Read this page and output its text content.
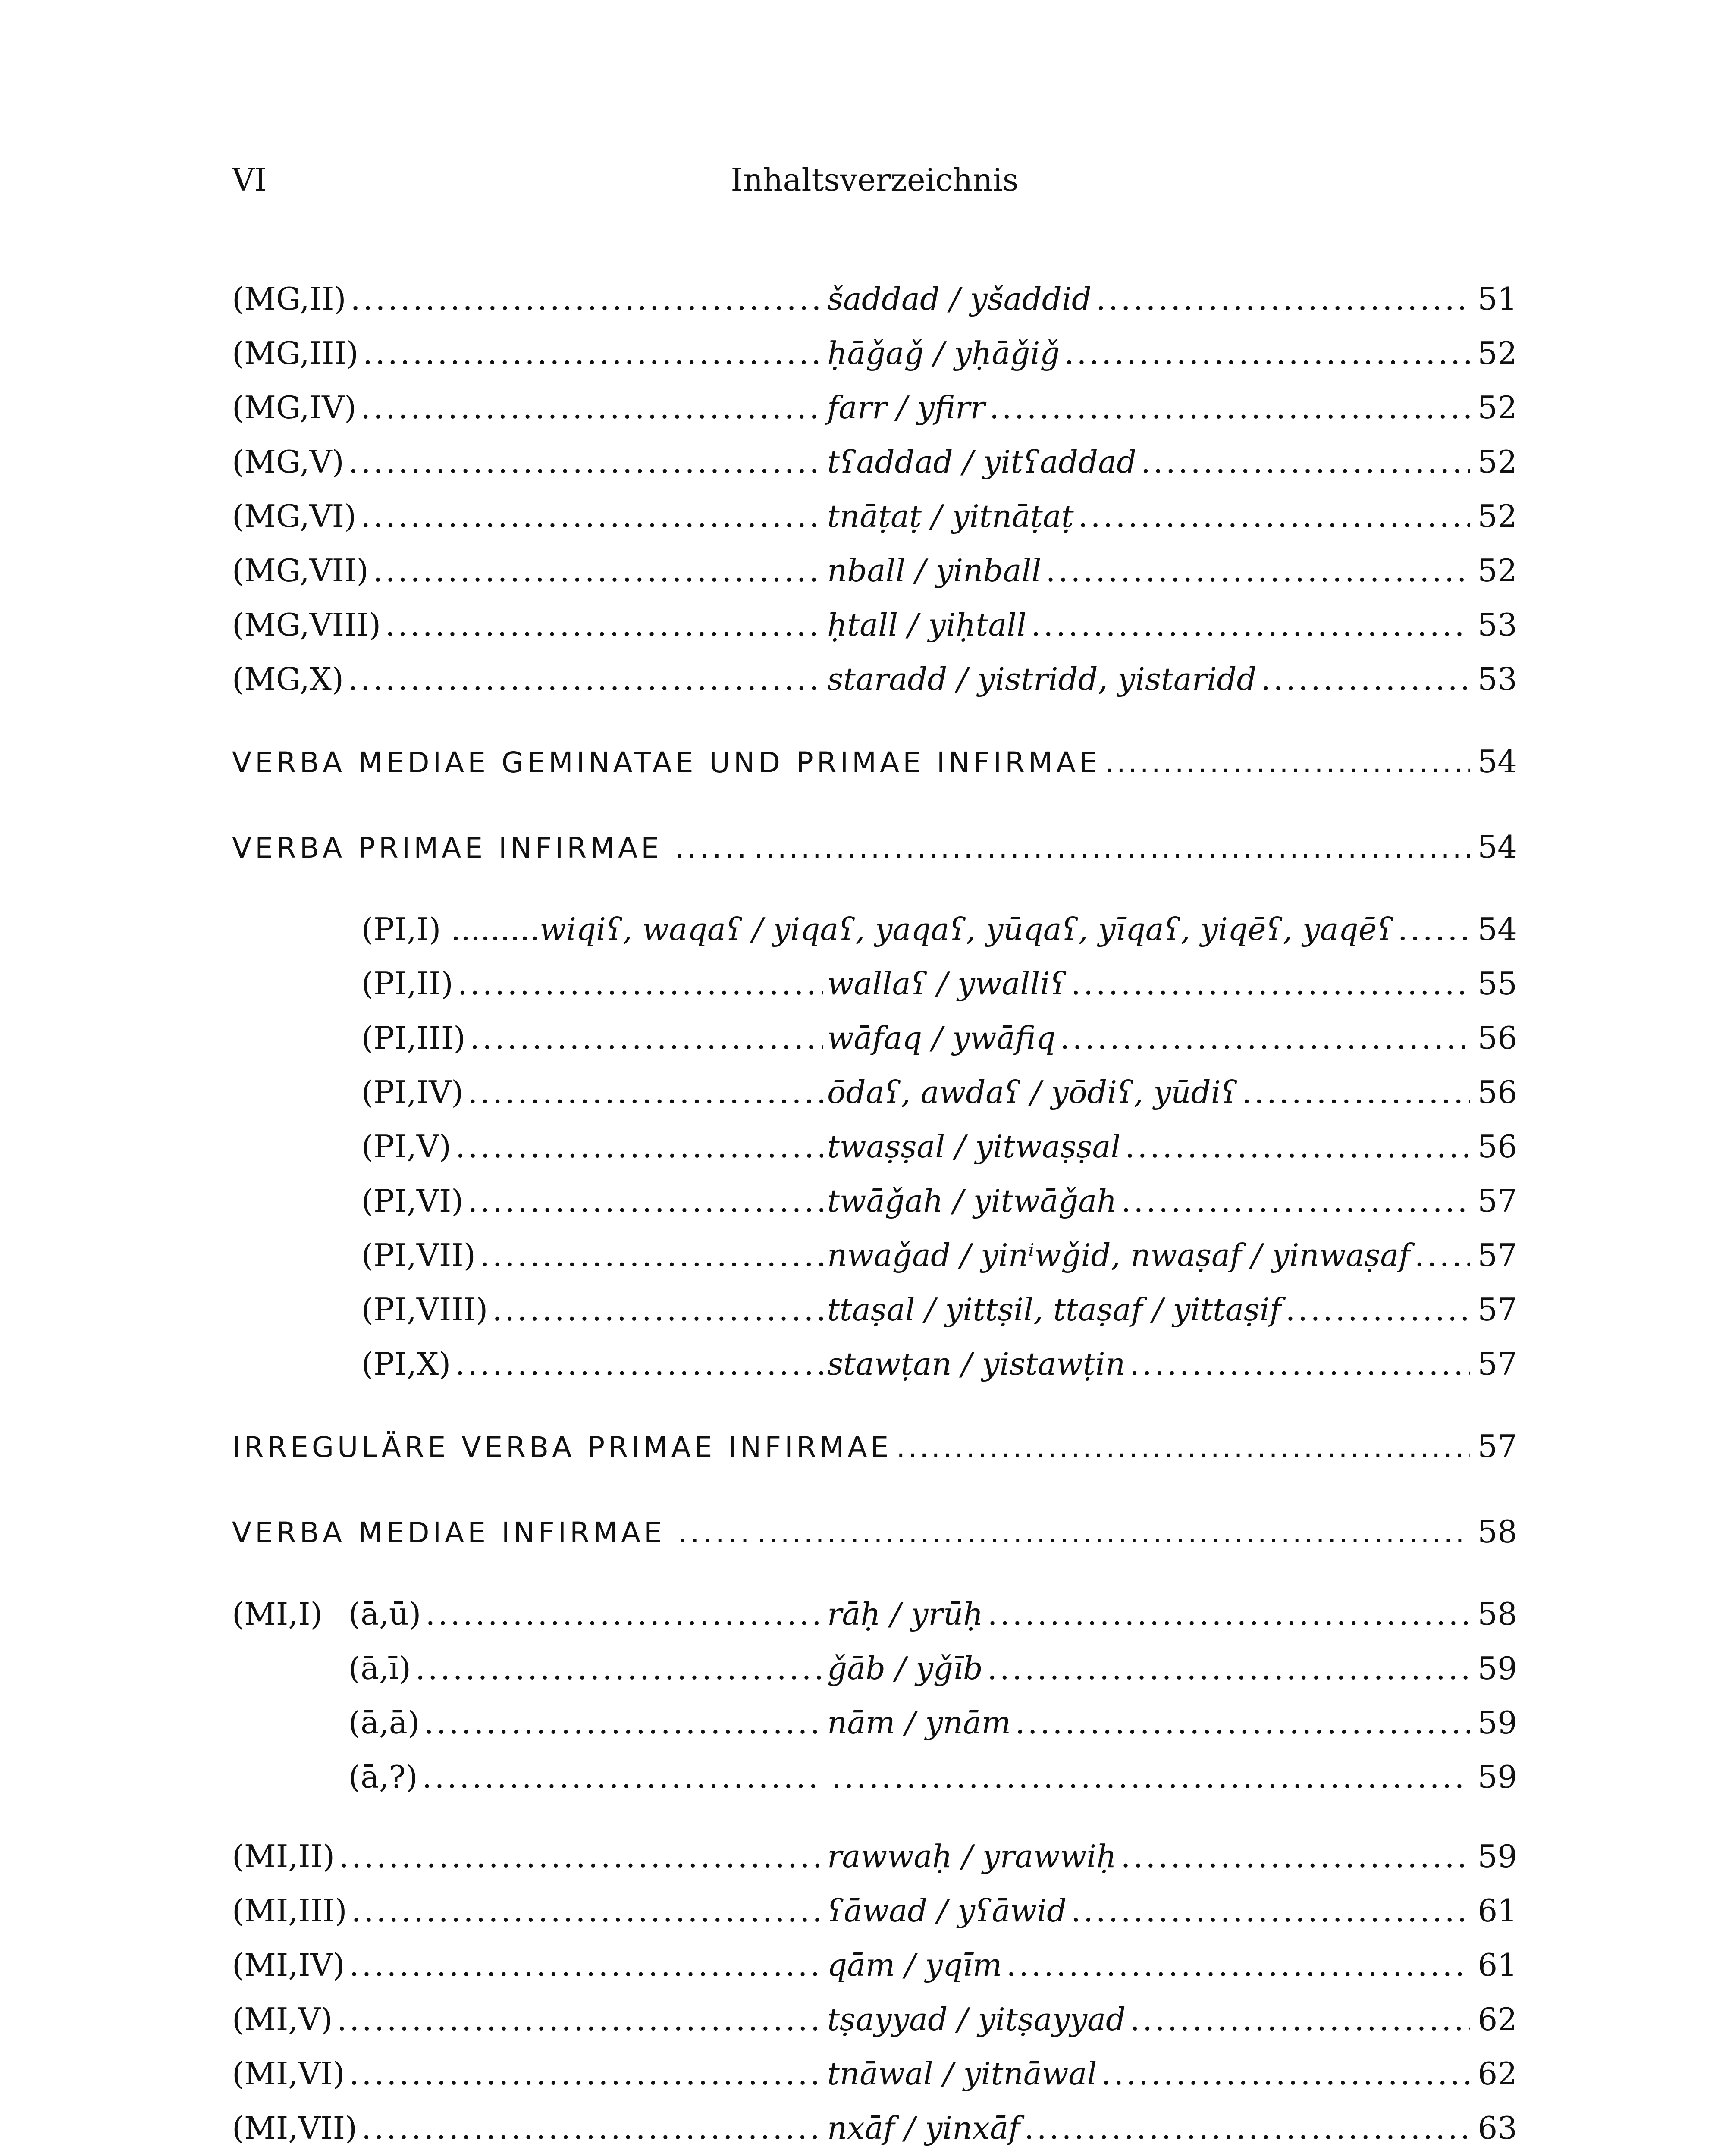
VI	Inhaltsverzeichnis
(MG,II) .....	šaddad / yšaddid .....	51
(MG,III) .....	ḥāǧaǧ / yḥāǧiǧ .....	52
(MG,IV) .....	farr / yfirr .....	52
(MG,V) .....	tʕaddad / yitʕaddad .....	52
(MG,VI) .....	tnāṭaṭ / yitnāṭaṭ .....	52
(MG,VII) .....	nball / yinball .....	52
(MG,VIII) .....	ḥtall / yiḥtall .....	53
(MG,X) .....	staradd / yistridd, yistaridd .....	53
VERBA MEDIAE GEMINATAE UND PRIMAE INFIRMAE .....	54
VERBA PRIMAE INFIRMAE ...... .....	54
(PI,I) ......... wiqiʕ, waqaʕ / yiqaʕ, yaqaʕ, yūqaʕ, yīqaʕ, yiqēʕ, yaqēʕ .....	54
(PI,II) .....	wallaʕ / ywalliʕ .....	55
(PI,III) .....	wāfaq / ywāfiq .....	56
(PI,IV) .....	ōdaʕ, awdaʕ / yōdiʕ, yūdiʕ .....	56
(PI,V) .....	twaṣṣal / yitwaṣṣal .....	56
(PI,VI) .....	twāǧah / yitwāǧah .....	57
(PI,VII) .....	nwaǧad / yinⁱwǧid, nwaṣaf / yinwaṣaf ..... 57
(PI,VIII) .....	ttaṣal / yittṣil, ttaṣaf / yittaṣif .....	57
(PI,X) .....	stawṭan / yistawṭin .....	57
IRREGULÄRE VERBA PRIMAE INFIRMAE .....	57
VERBA MEDIAE INFIRMAE ...... .....	58
(MI,I) (ā,ū) .....	rāḥ / yrūḥ .....	58
(ā,ī) .....	ǧāb / yǧīb .....	59
(ā,ā) .....	nām / ynām .....	59
(ā,?) ..... .....	59
(MI,II) .....	rawwaḥ / yrawwiḥ .....	59
(MI,III) .....	ʕāwad / yʕāwid .....	61
(MI,IV) .....	qām / yqīm .....	61
(MI,V) .....	tṣayyad / yitṣayyad .....	62
(MI,VI) .....	tnāwal / yitnāwal .....	62
(MI,VII) .....	nxāf / yinxāf .....	63
.....
.....
